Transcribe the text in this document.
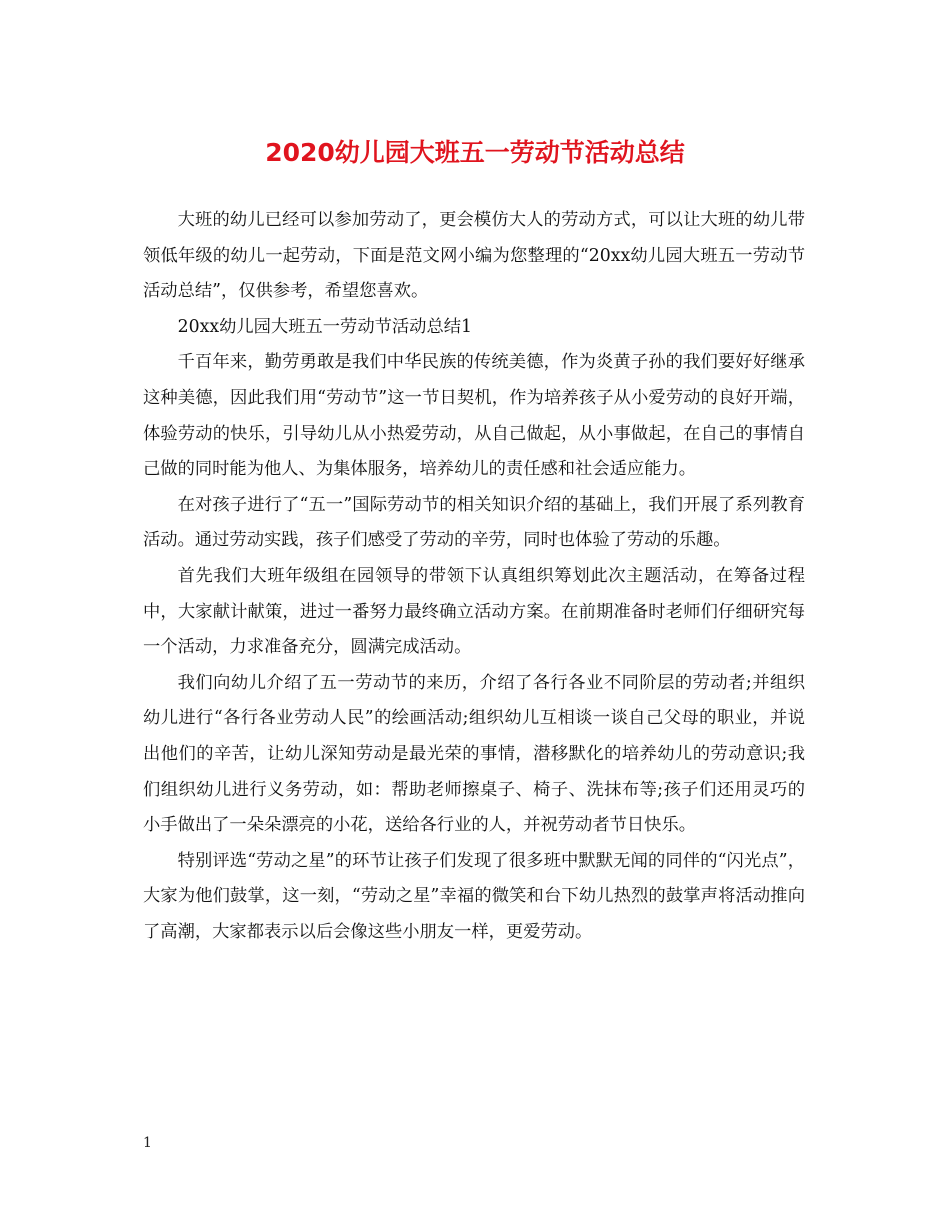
2020幼儿园大班五一劳动节活动总结

大班的幼儿已经可以参加劳动了，更会模仿大人的劳动方式，可以让大班的幼儿带领低年级的幼儿一起劳动，下面是范文网小编为您整理的“20xx幼儿园大班五一劳动节活动总结”，仅供参考，希望您喜欢。

20xx幼儿园大班五一劳动节活动总结1

千百年来，勤劳勇敢是我们中华民族的传统美德，作为炎黄子孙的我们要好好继承这种美德，因此我们用“劳动节”这一节日契机，作为培养孩子从小爱劳动的良好开端，体验劳动的快乐，引导幼儿从小热爱劳动，从自己做起，从小事做起，在自己的事情自己做的同时能为他人、为集体服务，培养幼儿的责任感和社会适应能力。

在对孩子进行了“五一”国际劳动节的相关知识介绍的基础上，我们开展了系列教育活动。通过劳动实践，孩子们感受了劳动的辛劳，同时也体验了劳动的乐趣。

首先我们大班年级组在园领导的带领下认真组织筹划此次主题活动，在筹备过程中，大家献计献策，进过一番努力最终确立活动方案。在前期准备时老师们仔细研究每一个活动，力求准备充分，圆满完成活动。

我们向幼儿介绍了五一劳动节的来历，介绍了各行各业不同阶层的劳动者;并组织幼儿进行“各行各业劳动人民”的绘画活动;组织幼儿互相谈一谈自己父母的职业，并说出他们的辛苦，让幼儿深知劳动是最光荣的事情，潜移默化的培养幼儿的劳动意识;我们组织幼儿进行义务劳动，如：帮助老师擦桌子、椅子、洗抹布等;孩子们还用灵巧的小手做出了一朵朵漂亮的小花，送给各行业的人，并祝劳动者节日快乐。

特别评选“劳动之星”的环节让孩子们发现了很多班中默默无闻的同伴的“闪光点”，大家为他们鼓掌，这一刻，“劳动之星”幸福的微笑和台下幼儿热烈的鼓掌声将活动推向了高潮，大家都表示以后会像这些小朋友一样，更爱劳动。

1
